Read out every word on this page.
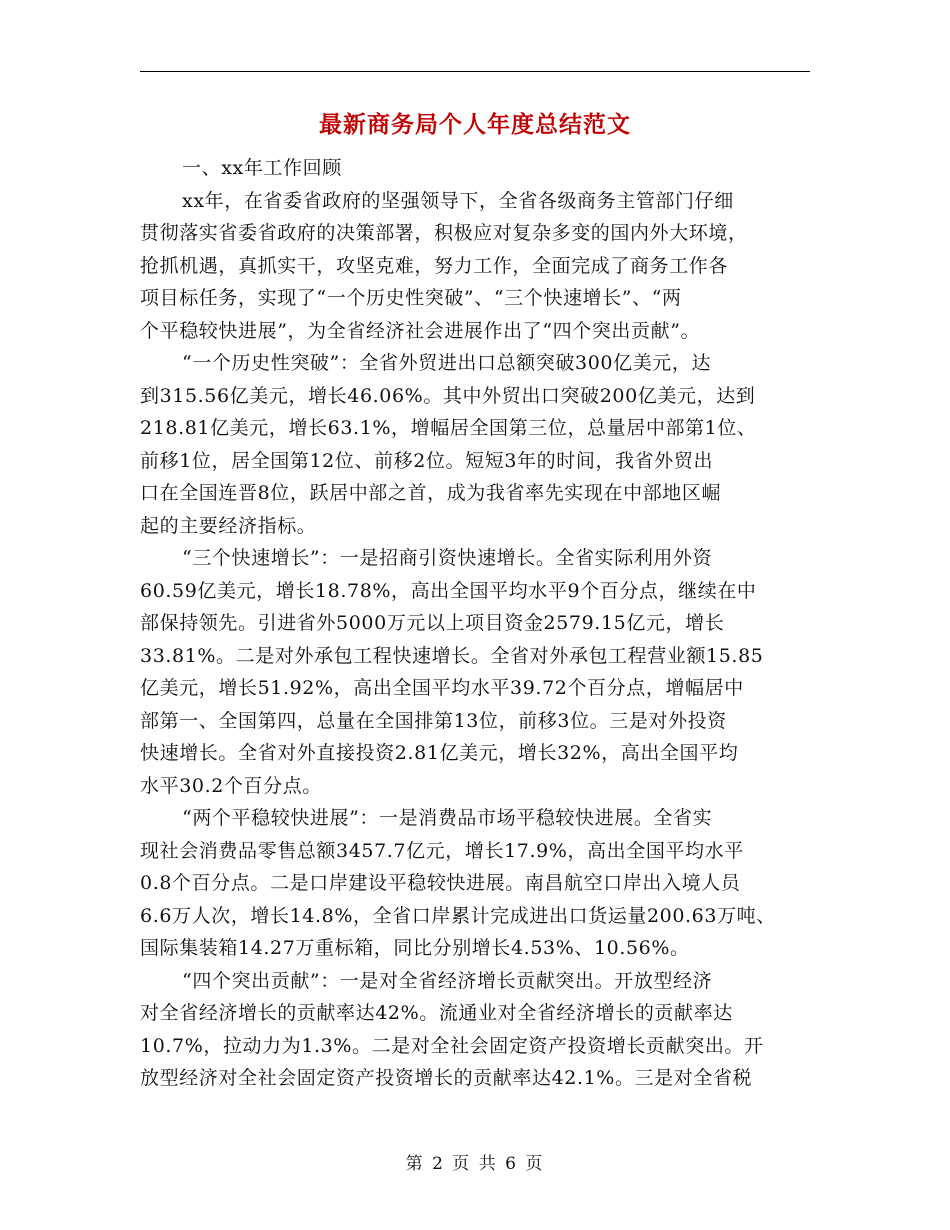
最新商务局个人年度总结范文
一、xx年工作回顾
xx年，在省委省政府的坚强领导下，全省各级商务主管部门仔细
贯彻落实省委省政府的决策部署，积极应对复杂多变的国内外大环境，
抢抓机遇，真抓实干，攻坚克难，努力工作，全面完成了商务工作各
项目标任务，实现了“一个历史性突破”、“三个快速增长”、“两
个平稳较快进展”，为全省经济社会进展作出了“四个突出贡献”。
“一个历史性突破”：全省外贸进出口总额突破300亿美元，达
到315.56亿美元，增长46.06%。其中外贸出口突破200亿美元，达到
218.81亿美元，增长63.1%，增幅居全国第三位，总量居中部第1位、
前移1位，居全国第12位、前移2位。短短3年的时间，我省外贸出
口在全国连晋8位，跃居中部之首，成为我省率先实现在中部地区崛
起的主要经济指标。
“三个快速增长”：一是招商引资快速增长。全省实际利用外资
60.59亿美元，增长18.78%，高出全国平均水平9个百分点，继续在中
部保持领先。引进省外5000万元以上项目资金2579.15亿元，增长
33.81%。二是对外承包工程快速增长。全省对外承包工程营业额15.85
亿美元，增长51.92%，高出全国平均水平39.72个百分点，增幅居中
部第一、全国第四，总量在全国排第13位，前移3位。三是对外投资
快速增长。全省对外直接投资2.81亿美元，增长32%，高出全国平均
水平30.2个百分点。
“两个平稳较快进展”：一是消费品市场平稳较快进展。全省实
现社会消费品零售总额3457.7亿元，增长17.9%，高出全国平均水平
0.8个百分点。二是口岸建设平稳较快进展。南昌航空口岸出入境人员
6.6万人次，增长14.8%，全省口岸累计完成进出口货运量200.63万吨、
国际集装箱14.27万重标箱，同比分别增长4.53%、10.56%。
“四个突出贡献”：一是对全省经济增长贡献突出。开放型经济
对全省经济增长的贡献率达42%。流通业对全省经济增长的贡献率达
10.7%，拉动力为1.3%。二是对全社会固定资产投资增长贡献突出。开
放型经济对全社会固定资产投资增长的贡献率达42.1%。三是对全省税
第 2 页 共 6 页
